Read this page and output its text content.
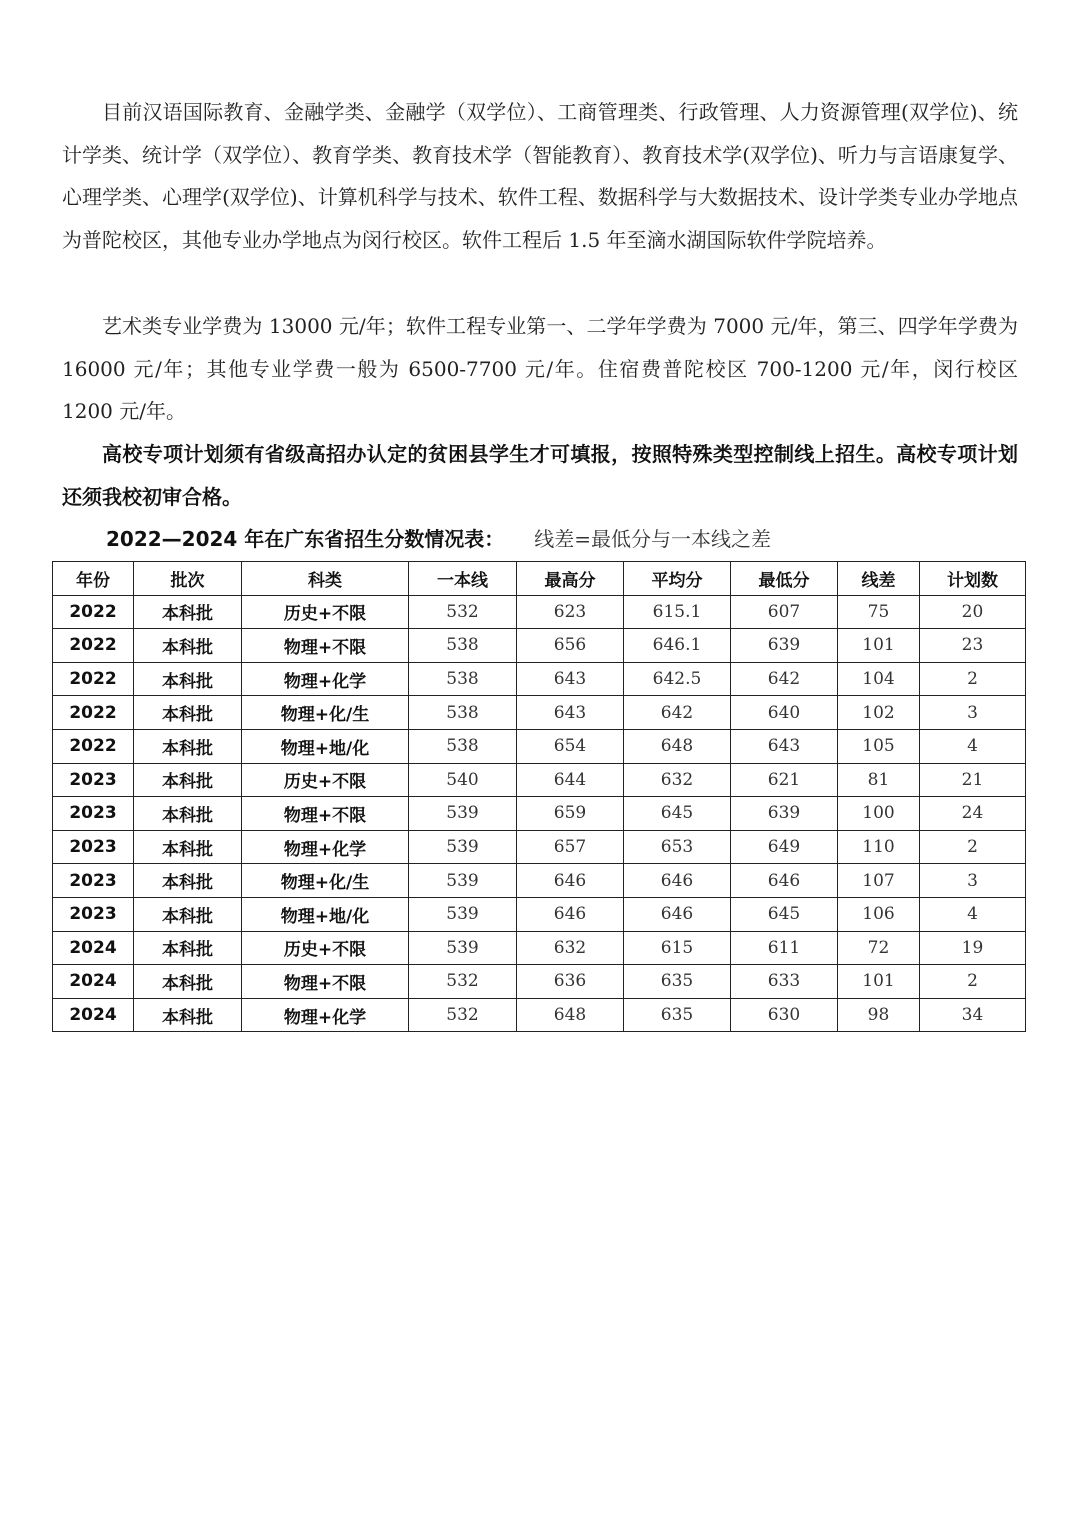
目前汉语国际教育、金融学类、金融学（双学位）、工商管理类、行政管理、人力资源管理(双学位)、统计学类、统计学（双学位）、教育学类、教育技术学（智能教育）、教育技术学(双学位)、听力与言语康复学、心理学类、心理学(双学位)、计算机科学与技术、软件工程、数据科学与大数据技术、设计学类专业办学地点为普陀校区，其他专业办学地点为闵行校区。软件工程后 1.5 年至滴水湖国际软件学院培养。

艺术类专业学费为 13000 元/年；软件工程专业第一、二学年学费为 7000 元/年，第三、四学年学费为 16000 元/年；其他专业学费一般为 6500-7700 元/年。住宿费普陀校区 700-1200 元/年，闵行校区 1200 元/年。

高校专项计划须有省级高招办认定的贫困县学生才可填报，按照特殊类型控制线上招生。高校专项计划还须我校初审合格。

2022—2024 年在广东省招生分数情况表： 线差=最低分与一本线之差
年份	批次	科类	一本线	最高分	平均分	最低分	线差	计划数
2022	本科批	历史+不限	532	623	615.1	607	75	20
2022	本科批	物理+不限	538	656	646.1	639	101	23
2022	本科批	物理+化学	538	643	642.5	642	104	2
2022	本科批	物理+化/生	538	643	642	640	102	3
2022	本科批	物理+地/化	538	654	648	643	105	4
2023	本科批	历史+不限	540	644	632	621	81	21
2023	本科批	物理+不限	539	659	645	639	100	24
2023	本科批	物理+化学	539	657	653	649	110	2
2023	本科批	物理+化/生	539	646	646	646	107	3
2023	本科批	物理+地/化	539	646	646	645	106	4
2024	本科批	历史+不限	539	632	615	611	72	19
2024	本科批	物理+不限	532	636	635	633	101	2
2024	本科批	物理+化学	532	648	635	630	98	34
